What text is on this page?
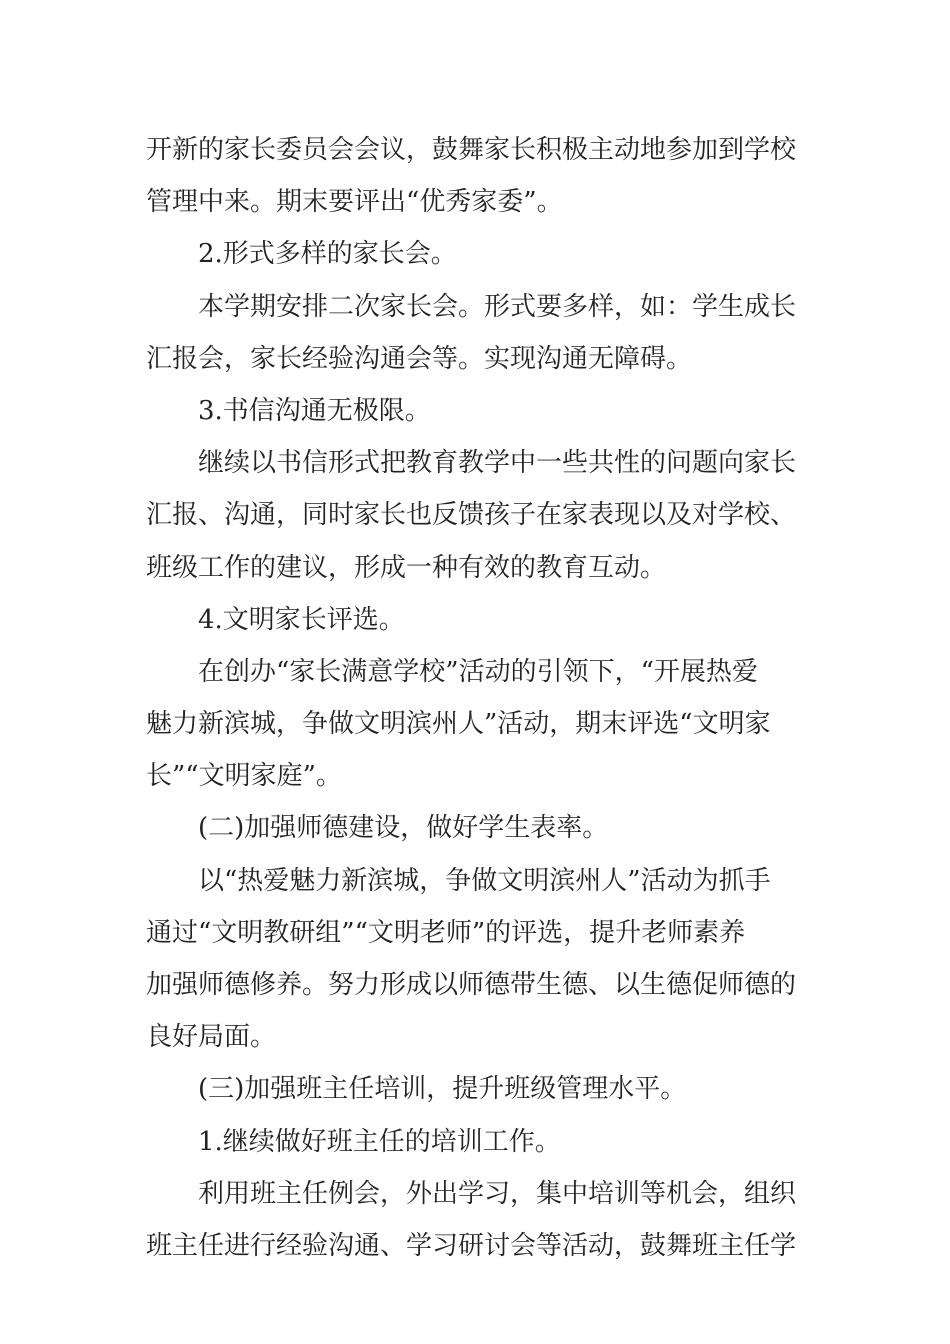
开新的家长委员会会议，鼓舞家长积极主动地参加到学校
管理中来。期末要评出“优秀家委”。
2.形式多样的家长会。
本学期安排二次家长会。形式要多样，如：学生成长
汇报会，家长经验沟通会等。实现沟通无障碍。
3.书信沟通无极限。
继续以书信形式把教育教学中一些共性的问题向家长
汇报、沟通，同时家长也反馈孩子在家表现以及对学校、
班级工作的建议，形成一种有效的教育互动。
4.文明家长评选。
在创办“家长满意学校”活动的引领下，“开展热爱
魅力新滨城，争做文明滨州人”活动，期末评选“文明家
长”“文明家庭”。
(二)加强师德建设，做好学生表率。
以“热爱魅力新滨城，争做文明滨州人”活动为抓手
通过“文明教研组”“文明老师”的评选，提升老师素养
加强师德修养。努力形成以师德带生德、以生德促师德的
良好局面。
(三)加强班主任培训，提升班级管理水平。
1.继续做好班主任的培训工作。
利用班主任例会，外出学习，集中培训等机会，组织
班主任进行经验沟通、学习研讨会等活动，鼓舞班主任学
